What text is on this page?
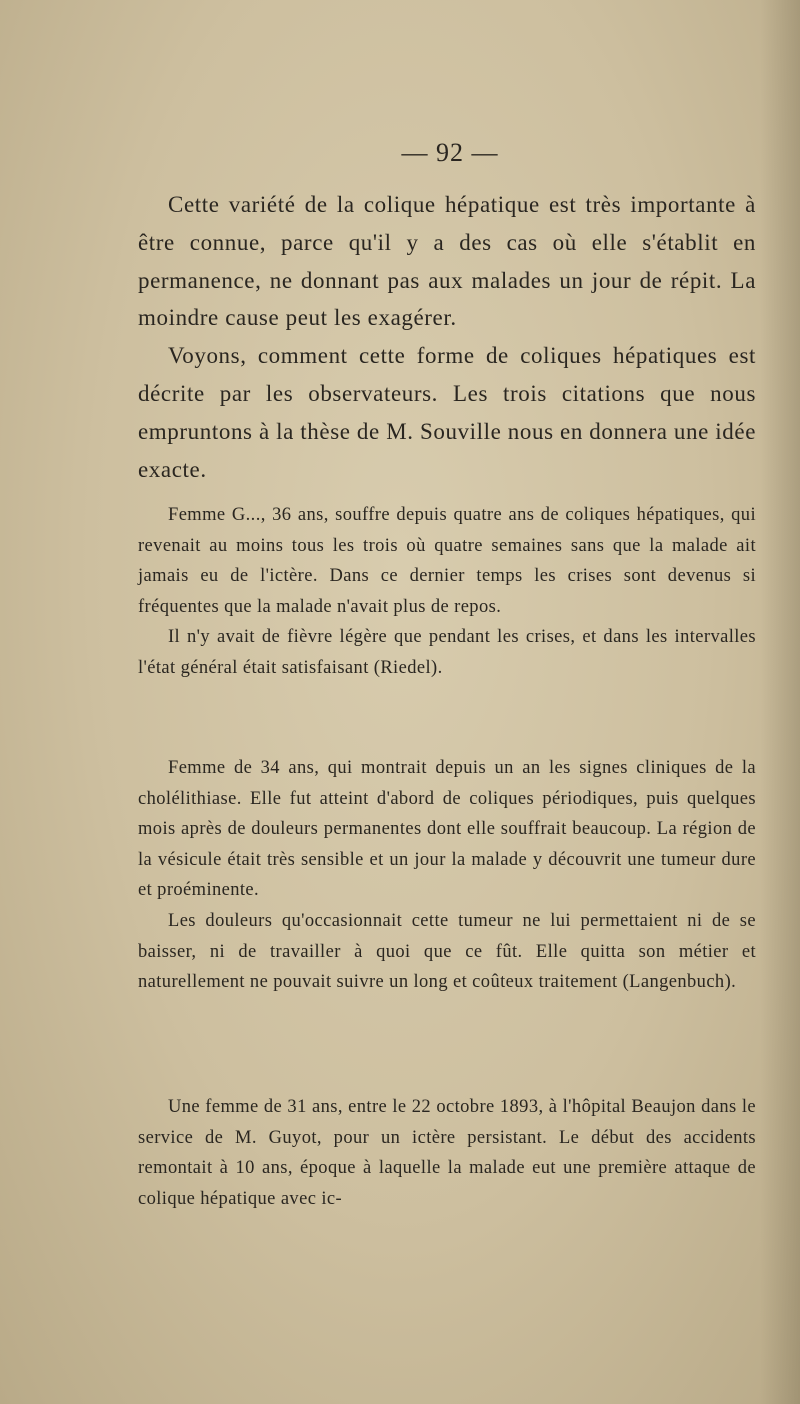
— 92 —

Cette variété de la colique hépatique est très importante à être connue, parce qu'il y a des cas où elle s'établit en permanence, ne donnant pas aux malades un jour de répit. La moindre cause peut les exagérer.

Voyons, comment cette forme de coliques hépatiques est décrite par les observateurs. Les trois citations que nous empruntons à la thèse de M. Souville nous en donnera une idée exacte.

Femme G..., 36 ans, souffre depuis quatre ans de coliques hépatiques, qui revenait au moins tous les trois où quatre semaines sans que la malade ait jamais eu de l'ictère. Dans ce dernier temps les crises sont devenus si fréquentes que la malade n'avait plus de repos.

Il n'y avait de fièvre légère que pendant les crises, et dans les intervalles l'état général était satisfaisant (Riedel).

Femme de 34 ans, qui montrait depuis un an les signes cliniques de la cholélithiase. Elle fut atteint d'abord de coliques périodiques, puis quelques mois après de douleurs permanentes dont elle souffrait beaucoup. La région de la vésicule était très sensible et un jour la malade y découvrit une tumeur dure et proéminente.

Les douleurs qu'occasionnait cette tumeur ne lui permettaient ni de se baisser, ni de travailler à quoi que ce fût. Elle quitta son métier et naturellement ne pouvait suivre un long et coûteux traitement (Langenbuch).

Une femme de 31 ans, entre le 22 octobre 1893, à l'hôpital Beaujon dans le service de M. Guyot, pour un ictère persistant. Le début des accidents remontait à 10 ans, époque à laquelle la malade eut une première attaque de colique hépatique avec ic-
